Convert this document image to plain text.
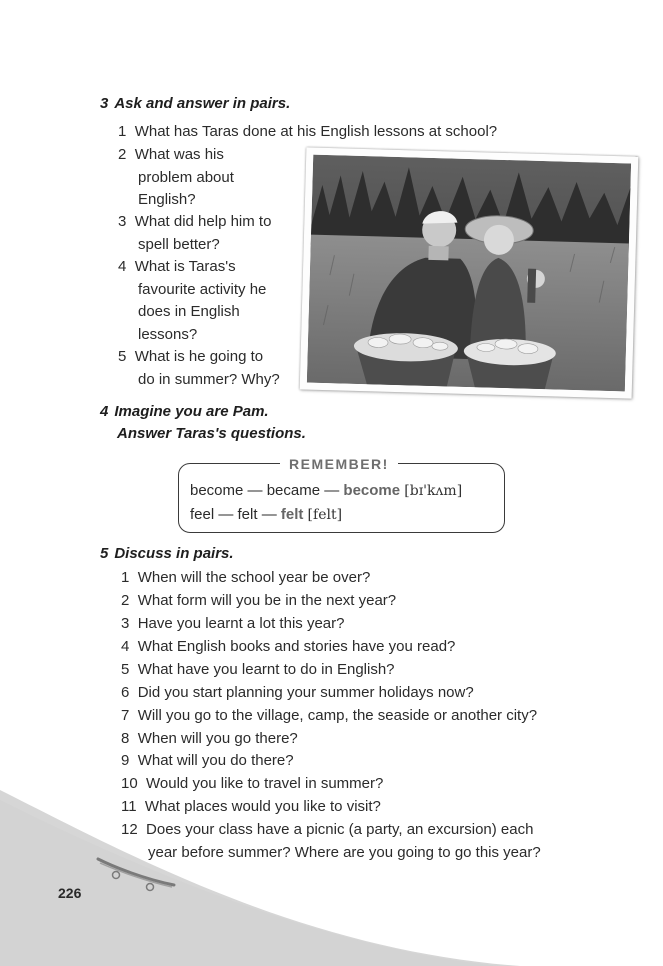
3 Ask and answer in pairs.
1 What has Taras done at his English lessons at school?
2 What was his
problem about
English?
3 What did help him to
spell better?
4 What is Taras's
favourite activity he
does in English
lessons?
5 What is he going to
do in summer? Why?
4 Imagine you are Pam.
Answer Taras's questions.
REMEMBER!
become — became — become [bɪ'kʌm]
feel — felt — felt [felt]
5 Discuss in pairs.
1 When will the school year be over?
2 What form will you be in the next year?
3 Have you learnt a lot this year?
4 What English books and stories have you read?
5 What have you learnt to do in English?
6 Did you start planning your summer holidays now?
7 Will you go to the village, camp, the seaside or another city?
8 When will you go there?
9 What will you do there?
10 Would you like to travel in summer?
11 What places would you like to visit?
12 Does your class have a picnic (a party, an excursion) each
year before summer? Where are you going to go this year?
226
